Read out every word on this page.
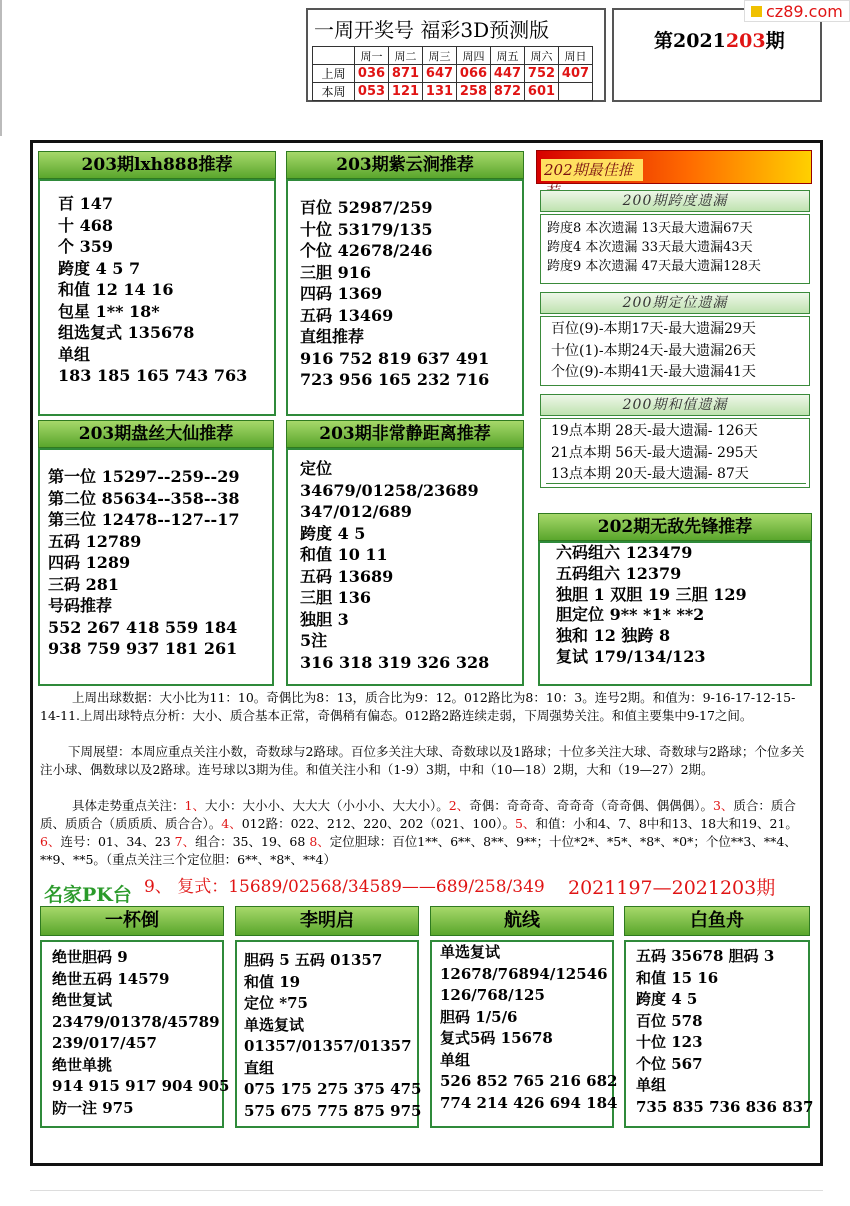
一周开奖号 福彩3D预测版
	周一	周二	周三	周四	周五	周六	周日
上周	036	871	647	066	447	752	407
本周	053	121	131	258	872	601	
第2021203期
cz89.com
203期lxh888推荐
百 147
十 468
个 359
跨度 4 5 7
和值 12 14 16
包星 1** 18*
组选复式 135678
单组
183 185 165 743 763
203期紫云涧推荐
百位 52987/259
十位 53179/135
个位 42678/246
三胆 916
四码 1369
五码 13469
直组推荐
916 752 819 637 491
723 956 165 232 716
203期盘丝大仙推荐
第一位 15297--259--29
第二位 85634--358--38
第三位 12478--127--17
五码 12789
四码 1289
三码 281
号码推荐
552 267 418 559 184
938 759 937 181 261
203期非常静距离推荐
定位
34679/01258/23689
347/012/689
跨度 4 5
和值 10 11
五码 13689
三胆 136
独胆 3
5注
316 318 319 326 328
202期最佳推
200期跨度遗漏
跨度8 本次遗漏 13天最大遗漏67天
跨度4 本次遗漏 33天最大遗漏43天
跨度9 本次遗漏 47天最大遗漏128天
200期定位遗漏
百位(9)-本期17天-最大遗漏29天
十位(1)-本期24天-最大遗漏26天
个位(9)-本期41天-最大遗漏41天
200期和值遗漏
19点本期 28天-最大遗漏- 126天
21点本期 56天-最大遗漏- 295天
13点本期 20天-最大遗漏- 87天
202期无敌先锋推荐
六码组六 123479
五码组六 12379
独胆 1 双胆 19 三胆 129
胆定位 9** *1* **2
独和 12 独跨 8
复试 179/134/123
上周出球数据：大小比为11：10。奇偶比为8：13，质合比为9：12。012路比为8：10：3。连号2期。和值为：9-16-17-12-15-14-11.上周出球特点分析：大小、质合基本正常，奇偶稍有偏态。012路2路连续走弱，下周强势关注。和值主要集中9-17之间。
下周展望：本周应重点关注小数，奇数球与2路球。百位多关注大球、奇数球以及1路球；十位多关注大球、奇数球与2路球；个位多关注小球、偶数球以及2路球。连号球以3期为佳。和值关注小和（1-9）3期，中和（10—18）2期，大和（19—27）2期。
具体走势重点关注：1、大小：大小小、大大大（小小小、大大小）。2、奇偶：奇奇奇、奇奇奇（奇奇偶、偶偶偶）。3、质合：质合质、质质合（质质质、质合合）。4、012路：022、212、220、202（021、100）。5、和值：小和4、7、8中和13、18大和19、21。6、连号：01、34、23 7、组合：35、19、68 8、定位胆球：百位1**、6**、8**、9**；十位*2*、*5*、*8*、*0*；个位**3、**4、**9、**5。（重点关注三个定位胆：6**、*8*、**4）
名家PK台 9、 复式：15689/02568/34589——689/258/349 2021197—2021203期
一杯倒
绝世胆码 9
绝世五码 14579
绝世复试
23479/01378/45789
239/017/457
绝世单挑
914 915 917 904 905
防一注 975
李明启
胆码 5 五码 01357
和值 19
定位 *75
单选复试
01357/01357/01357
直组
075 175 275 375 475
575 675 775 875 975
航线
单选复试
12678/76894/12546
126/768/125
胆码 1/5/6
复式5码 15678
单组
526 852 765 216 682
774 214 426 694 184
白鱼舟
五码 35678 胆码 3
和值 15 16
跨度 4 5
百位 578
十位 123
个位 567
单组
735 835 736 836 837
